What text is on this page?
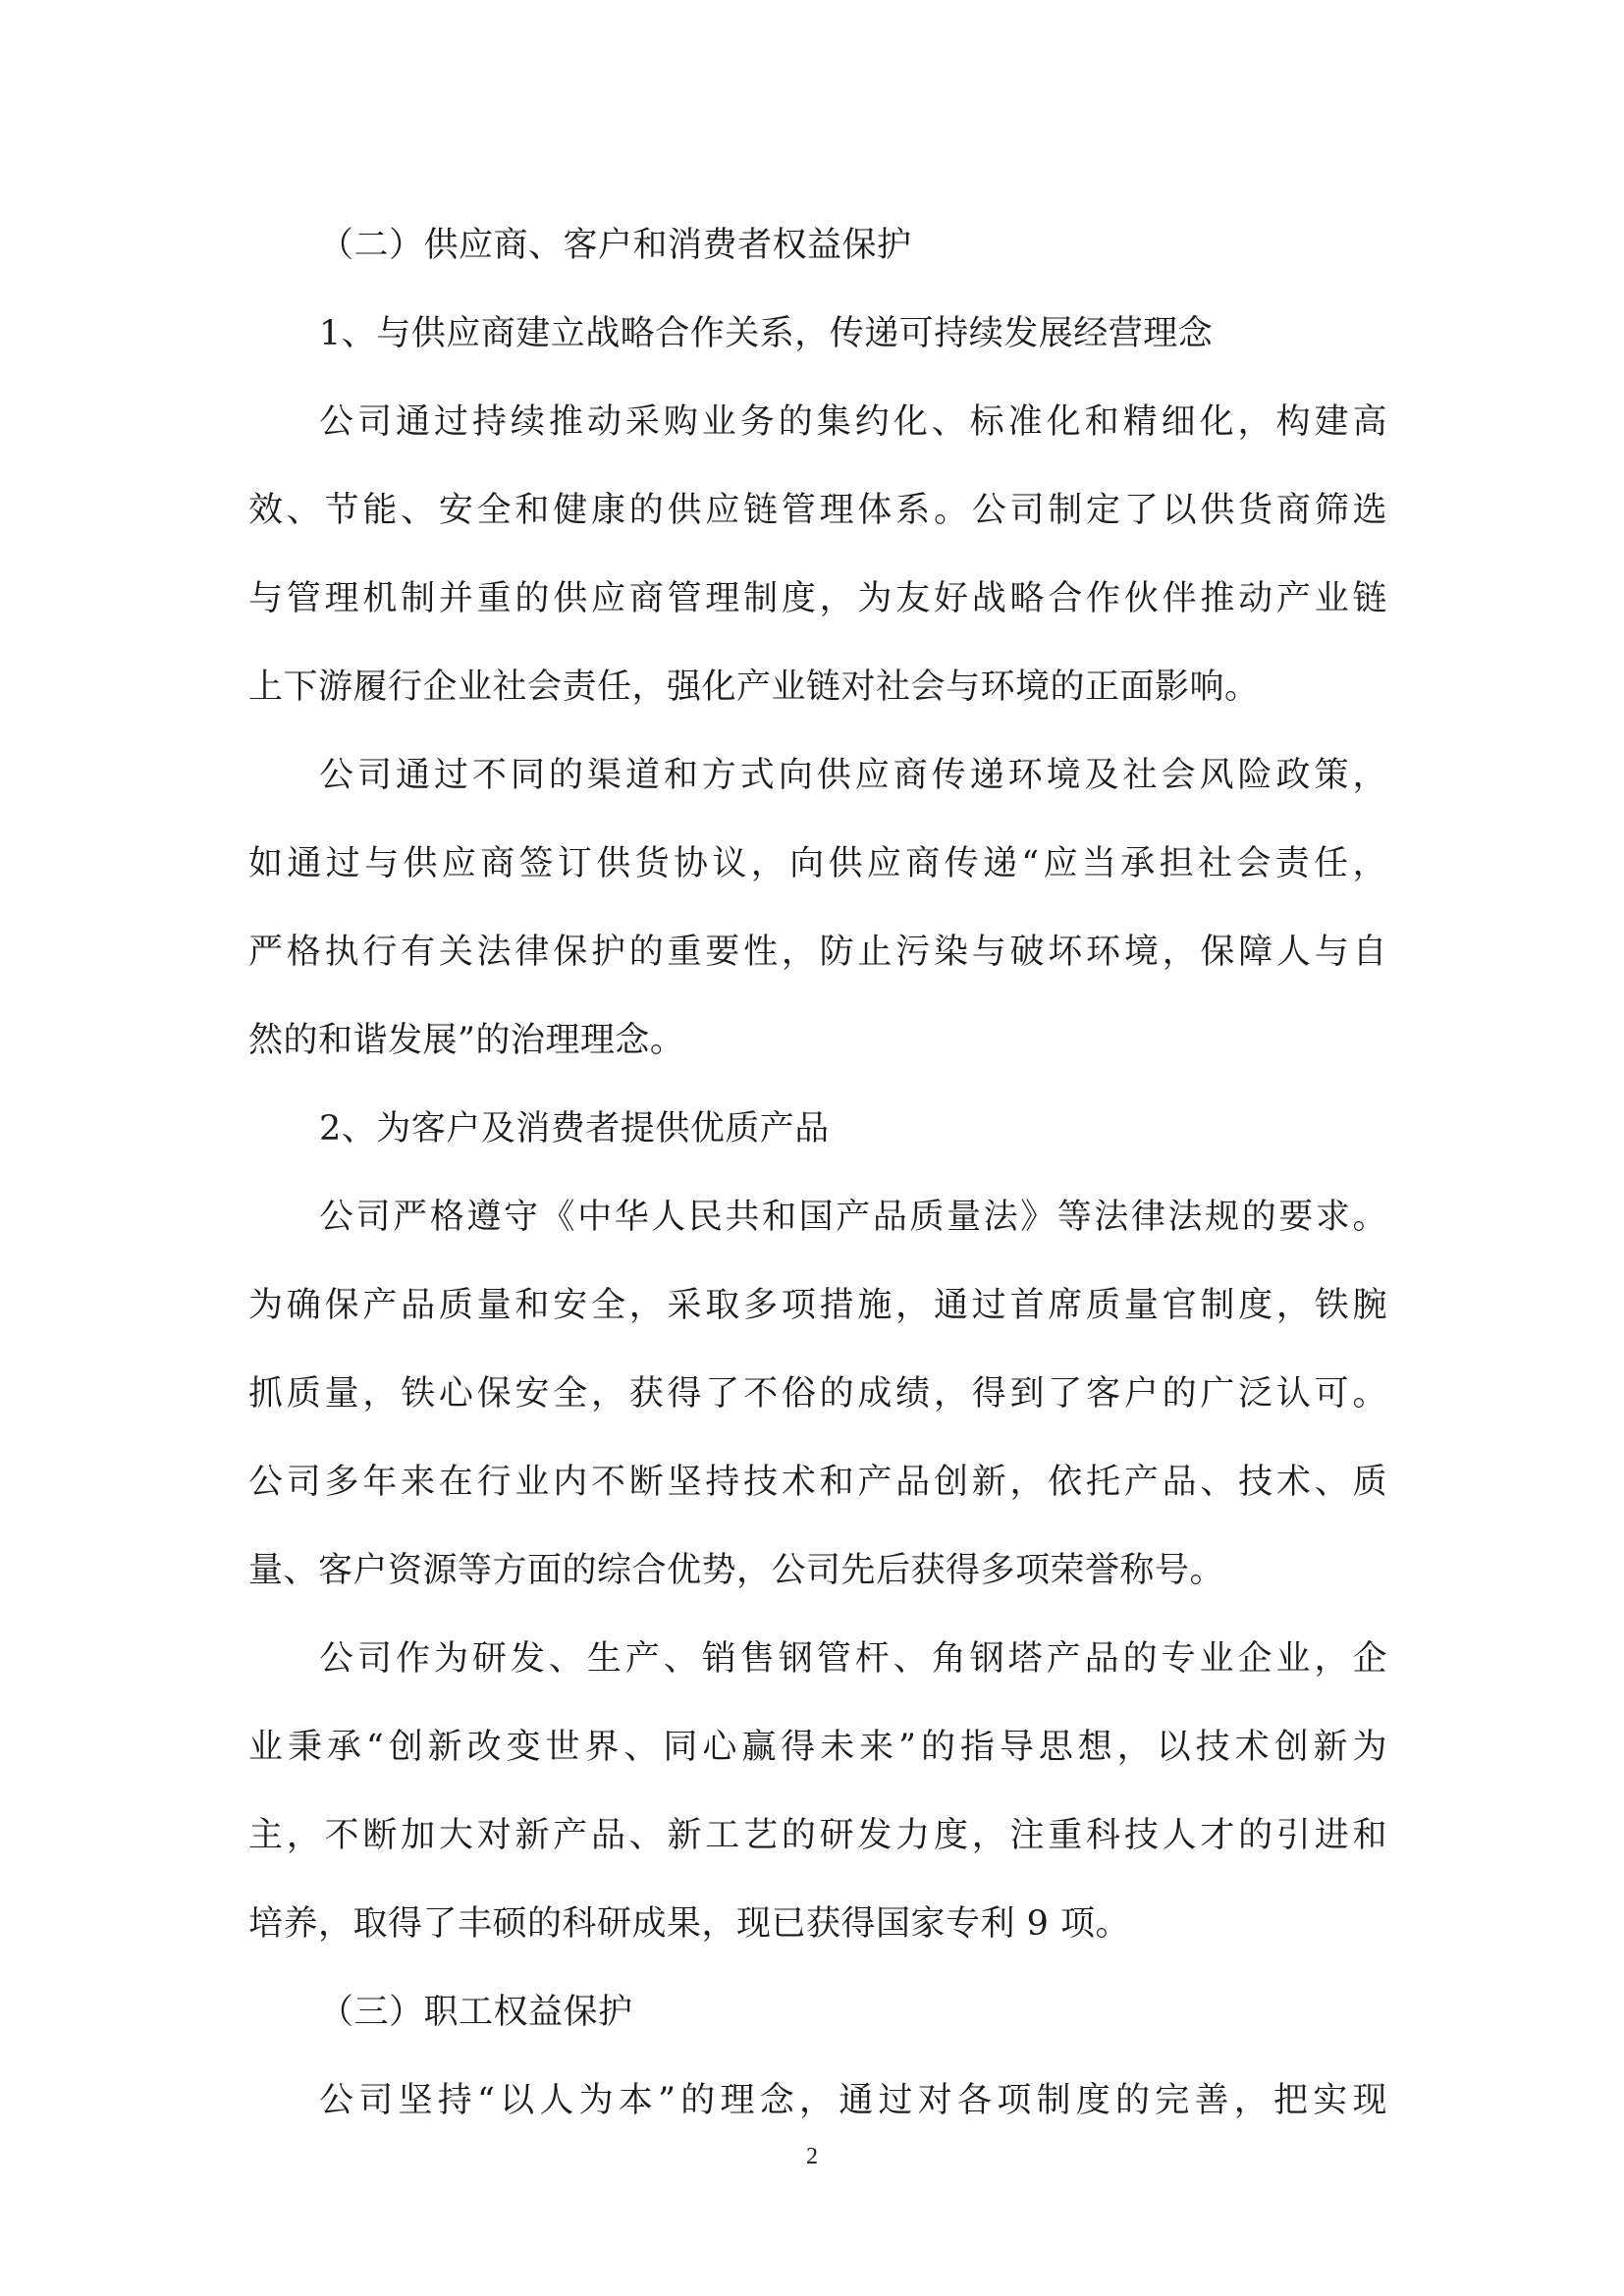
（二）供应商、客户和消费者权益保护
1、与供应商建立战略合作关系，传递可持续发展经营理念
公司通过持续推动采购业务的集约化、标准化和精细化，构建高
效、节能、安全和健康的供应链管理体系。公司制定了以供货商筛选
与管理机制并重的供应商管理制度，为友好战略合作伙伴推动产业链
上下游履行企业社会责任，强化产业链对社会与环境的正面影响。
公司通过不同的渠道和方式向供应商传递环境及社会风险政策，
如通过与供应商签订供货协议，向供应商传递“应当承担社会责任，
严格执行有关法律保护的重要性，防止污染与破坏环境，保障人与自
然的和谐发展”的治理理念。
2、为客户及消费者提供优质产品
公司严格遵守《中华人民共和国产品质量法》等法律法规的要求。
为确保产品质量和安全，采取多项措施，通过首席质量官制度，铁腕
抓质量，铁心保安全，获得了不俗的成绩，得到了客户的广泛认可。
公司多年来在行业内不断坚持技术和产品创新，依托产品、技术、质
量、客户资源等方面的综合优势，公司先后获得多项荣誉称号。
公司作为研发、生产、销售钢管杆、角钢塔产品的专业企业，企
业秉承“创新改变世界、同心赢得未来”的指导思想，以技术创新为
主，不断加大对新产品、新工艺的研发力度，注重科技人才的引进和
培养，取得了丰硕的科研成果，现已获得国家专利 9 项。
（三）职工权益保护
公司坚持“以人为本”的理念，通过对各项制度的完善，把实现
2
